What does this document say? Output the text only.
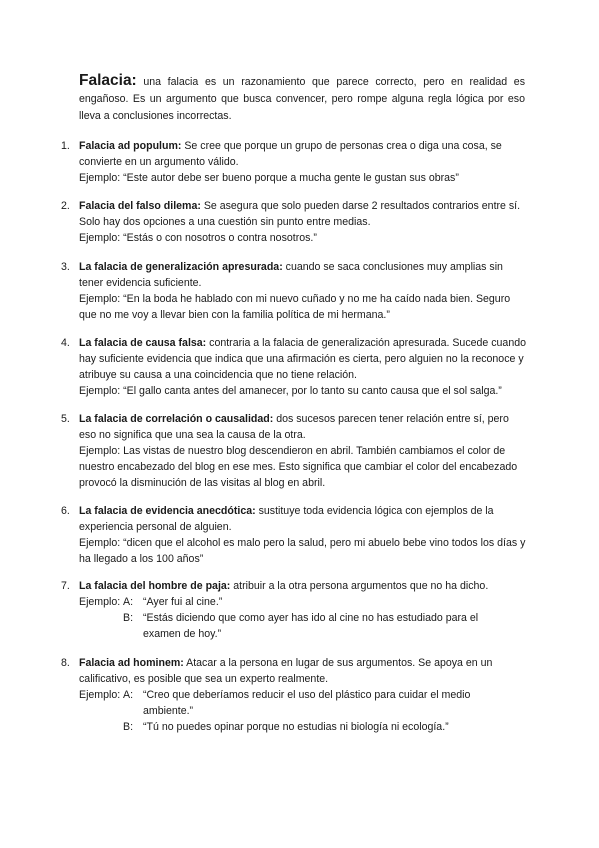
Falacia: una falacia es un razonamiento que parece correcto, pero en realidad es engañoso. Es un argumento que busca convencer, pero rompe alguna regla lógica por eso lleva a conclusiones incorrectas.
1. Falacia ad populum: Se cree que porque un grupo de personas crea o diga una cosa, se convierte en un argumento válido.
Ejemplo: “Este autor debe ser bueno porque a mucha gente le gustan sus obras”
2. Falacia del falso dilema: Se asegura que solo pueden darse 2 resultados contrarios entre sí. Solo hay dos opciones a una cuestión sin punto entre medias.
Ejemplo: “Estás o con nosotros o contra nosotros.”
3. La falacia de generalización apresurada: cuando se saca conclusiones muy amplias sin tener evidencia suficiente.
Ejemplo: “En la boda he hablado con mi nuevo cuñado y no me ha caído nada bien. Seguro que no me voy a llevar bien con la familia política de mi hermana.”
4. La falacia de causa falsa: contraria a la falacia de generalización apresurada. Sucede cuando hay suficiente evidencia que indica que una afirmación es cierta, pero alguien no la reconoce y atribuye su causa a una coincidencia que no tiene relación.
Ejemplo: “El gallo canta antes del amanecer, por lo tanto su canto causa que el sol salga.”
5. La falacia de correlación o causalidad: dos sucesos parecen tener relación entre sí, pero eso no significa que una sea la causa de la otra.
Ejemplo: Las vistas de nuestro blog descendieron en abril. También cambiamos el color de nuestro encabezado del blog en ese mes. Esto significa que cambiar el color del encabezado provocó la disminución de las visitas al blog en abril.
6. La falacia de evidencia anecdótica: sustituye toda evidencia lógica con ejemplos de la experiencia personal de alguien.
Ejemplo: “dicen que el alcohol es malo pero la salud, pero mi abuelo bebe vino todos los días y ha llegado a los 100 años”
7. La falacia del hombre de paja: atribuir a la otra persona argumentos que no ha dicho.
Ejemplo: A: “Ayer fui al cine.”
B: “Estás diciendo que como ayer has ido al cine no has estudiado para el
examen de hoy.”
8. Falacia ad hominem: Atacar a la persona en lugar de sus argumentos. Se apoya en un calificativo, es posible que sea un experto realmente.
Ejemplo: A: “Creo que deberíamos reducir el uso del plástico para cuidar el medio
ambiente.”
B: “Tú no puedes opinar porque no estudias ni biología ni ecología.”
